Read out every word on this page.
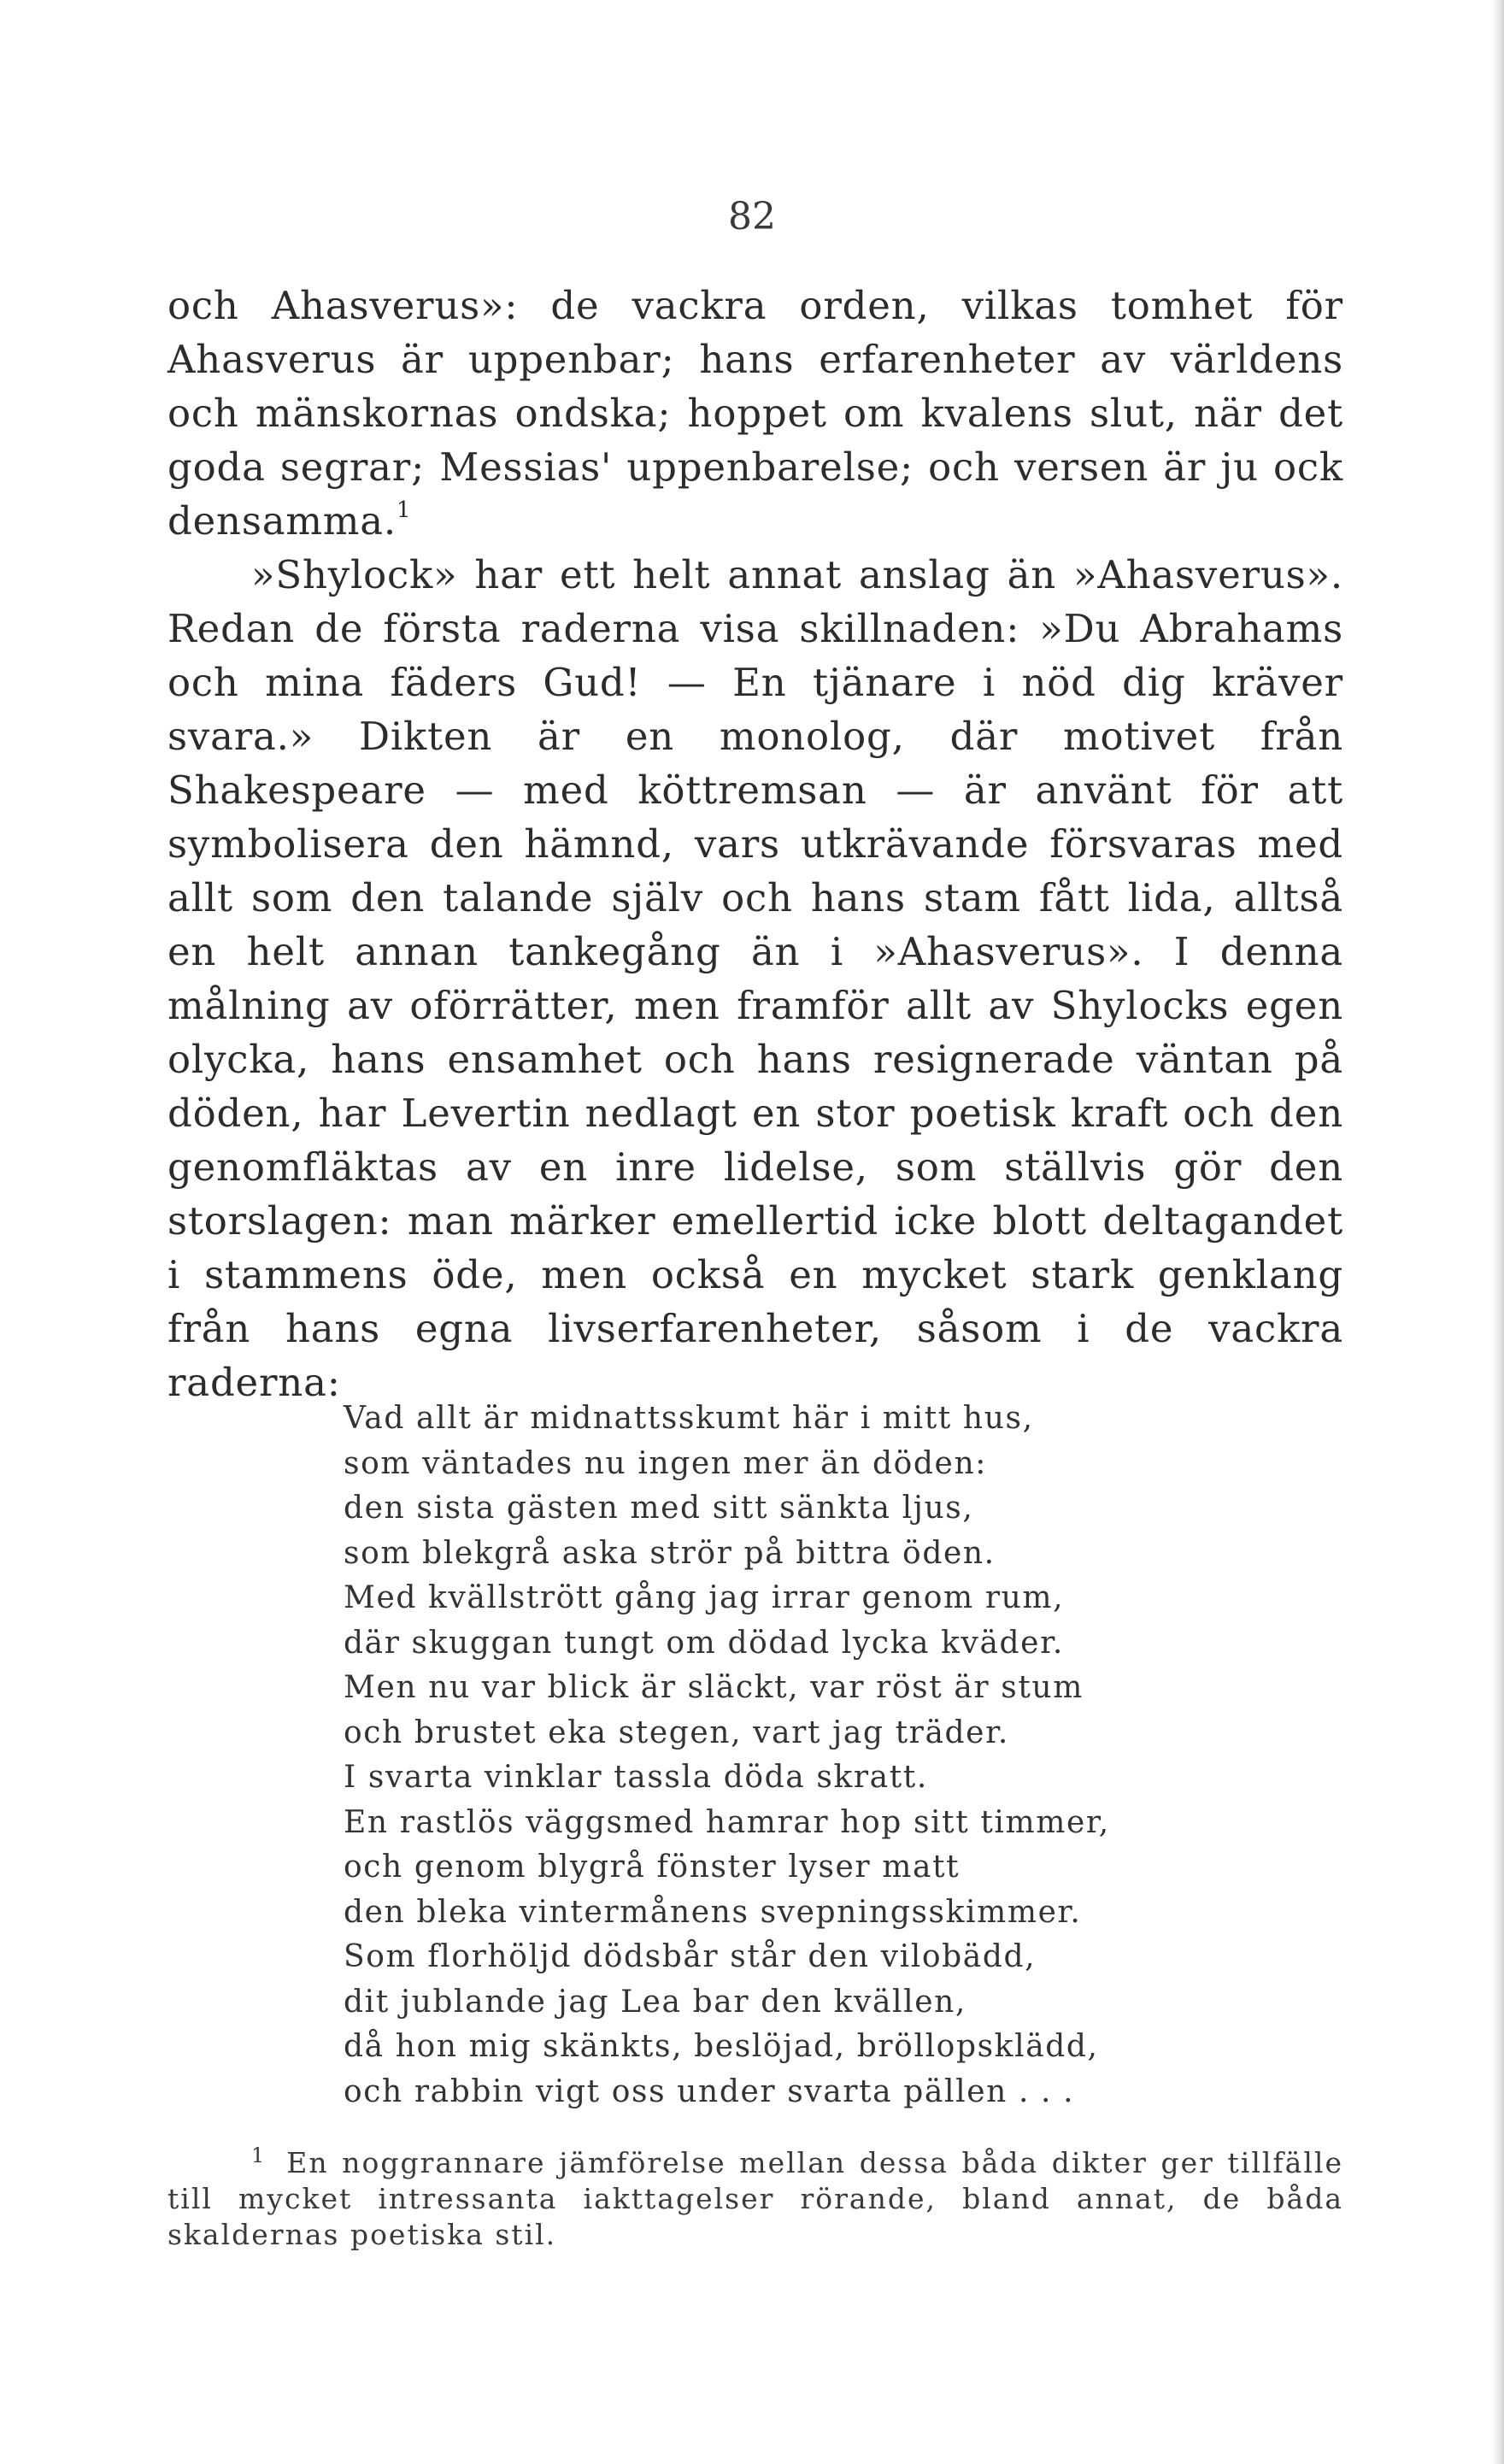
82

och Ahasverus»: de vackra orden, vilkas tomhet för Ahasverus är uppenbar; hans erfarenheter av världens och mänskornas ondska; hoppet om kvalens slut, när det goda segrar; Messias' uppenbarelse; och versen är ju ock densamma.$^1$

»Shylock» har ett helt annat anslag än »Ahasverus». Redan de första raderna visa skillnaden: »Du Abrahams och mina fäders Gud! — En tjänare i nöd dig kräver svara.» Dikten är en monolog, där motivet från Shakespeare — med köttremsan — är använt för att symbolisera den hämnd, vars utkrävande försvaras med allt som den talande själv och hans stam fått lida, alltså en helt annan tankegång än i »Ahasverus». I denna målning av oförrätter, men framför allt av Shylocks egen olycka, hans ensamhet och hans resignerade väntan på döden, har Levertin nedlagt en stor poetisk kraft och den genomfläktas av en inre lidelse, som ställvis gör den storslagen: man märker emellertid icke blott deltagandet i stammens öde, men också en mycket stark genklang från hans egna livserfarenheter, såsom i de vackra raderna:

Vad allt är midnattsskumt här i mitt hus,
som väntades nu ingen mer än döden:
den sista gästen med sitt sänkta ljus,
som blekgrå aska strör på bittra öden.
Med kvällstrött gång jag irrar genom rum,
där skuggan tungt om dödad lycka kväder.
Men nu var blick är släckt, var röst är stum
och brustet eka stegen, vart jag träder.
I svarta vinklar tassla döda skratt.
En rastlös väggsmed hamrar hop sitt timmer,
och genom blygrå fönster lyser matt
den bleka vintermånens svepningsskimmer.
Som florhöljd dödsbår står den vilobädd,
dit jublande jag Lea bar den kvällen,
då hon mig skänkts, beslöjad, bröllopsklädd,
och rabbin vigt oss under svarta pällen . . .
$^1$ En noggrannare jämförelse mellan dessa båda dikter ger tillfälle till mycket intressanta iakttagelser rörande, bland annat, de båda skaldernas poetiska stil.
